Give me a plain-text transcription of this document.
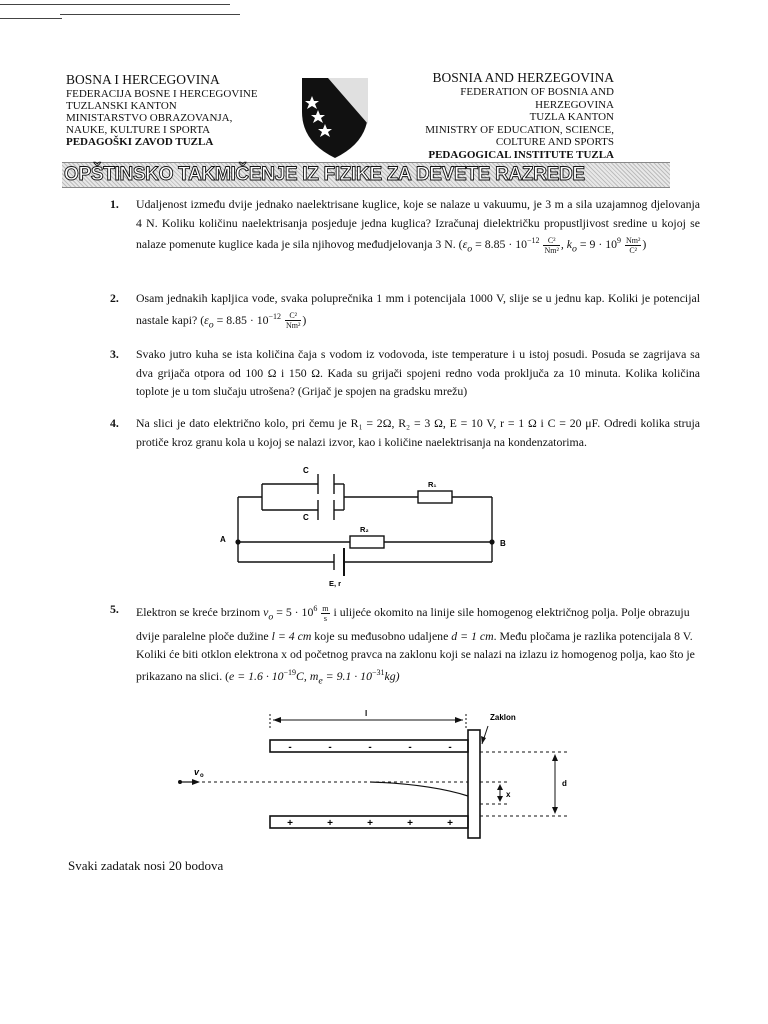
BOSNA I HERCEGOVINA
FEDERACIJA BOSNE I HERCEGOVINE
TUZLANSKI KANTON
MINISTARSTVO OBRAZOVANJA,
NAUKE, KULTURE I SPORTA
PEDAGOŠKI ZAVOD TUZLA
BOSNIA AND HERZEGOVINA
FEDERATION OF BOSNIA AND
HERZEGOVINA
TUZLA KANTON
MINISTRY OF EDUCATION, SCIENCE,
COLTURE AND SPORTS
PEDAGOGICAL INSTITUTE TUZLA
OPŠTINSKO TAKMIČENJE IZ FIZIKE ZA DEVETE RAZREDE
1. Udaljenost između dvije jednako naelektrisane kuglice, koje se nalaze u vakuumu, je 3 m a sila uzajamnog djelovanja 4 N. Koliku količinu naelektrisanja posjeduje jedna kuglica? Izračunaj dielektričku propustljivost sredine u kojoj se nalaze pomenute kuglice kada je sila njihovog međudjelovanja 3 N. ($\varepsilon_o = 8.85 \cdot 10^{-12} \frac{\text{C²}}{\text{Nm²}}$ , $k_o = 9 \cdot 10^9 \frac{\text{Nm²}}{\text{C²}}$ )
2. Osam jednakih kapljica vode, svaka poluprečnika 1 mm i potencijala 1000 V, slije se u jednu kap. Koliki je potencijal nastale kapi? ($\varepsilon_o = 8.85 \cdot 10^{-12} \frac{\text{C²}}{\text{Nm²}}$ )
3. Svako jutro kuha se ista količina čaja s vodom iz vodovoda, iste temperature i u istoj posudi. Posuda se zagrijava sa dva grijača otpora od 100 Ω i 150 Ω. Kada su grijači spojeni redno voda proključa za 10 minuta. Kolika količina toplote je u tom slučaju utrošena? (Grijač je spojen na gradsku mrežu)
4. Na slici je dato električno kolo, pri čemu je R₁ = 2Ω, R₂ = 3 Ω, E = 10 V, r = 1 Ω i C = 20 μF. Odredi kolika struja protiče kroz granu kola u kojoj se nalazi izvor, kao i količine naelektrisanja na kondenzatorima.
C
C
R₁
R₂
A	B
E, r
5. Elektron se kreće brzinom $v_o = 5 \cdot 10^6 \frac{m}{s}$ i ulijeće okomito na linije sile homogenog električnog polja. Polje obrazuju dvije paralelne ploče dužine l = 4 cm koje su međusobno udaljene d = 1 cm. Među pločama je razlika potencijala 8 V. Koliki će biti otklon elektrona x od početnog pravca na zaklonu koji se nalazi na izlazu iz homogenog polja, kao što je prikazano na slici. ($e = 1.6 \cdot 10^{-19}C$, $m_e = 9.1 \cdot 10^{-31}kg$)
l	Zaklon
v o
x
d
-	-	-	-	-
+	+	+	+	+
Svaki zadatak nosi 20 bodova
